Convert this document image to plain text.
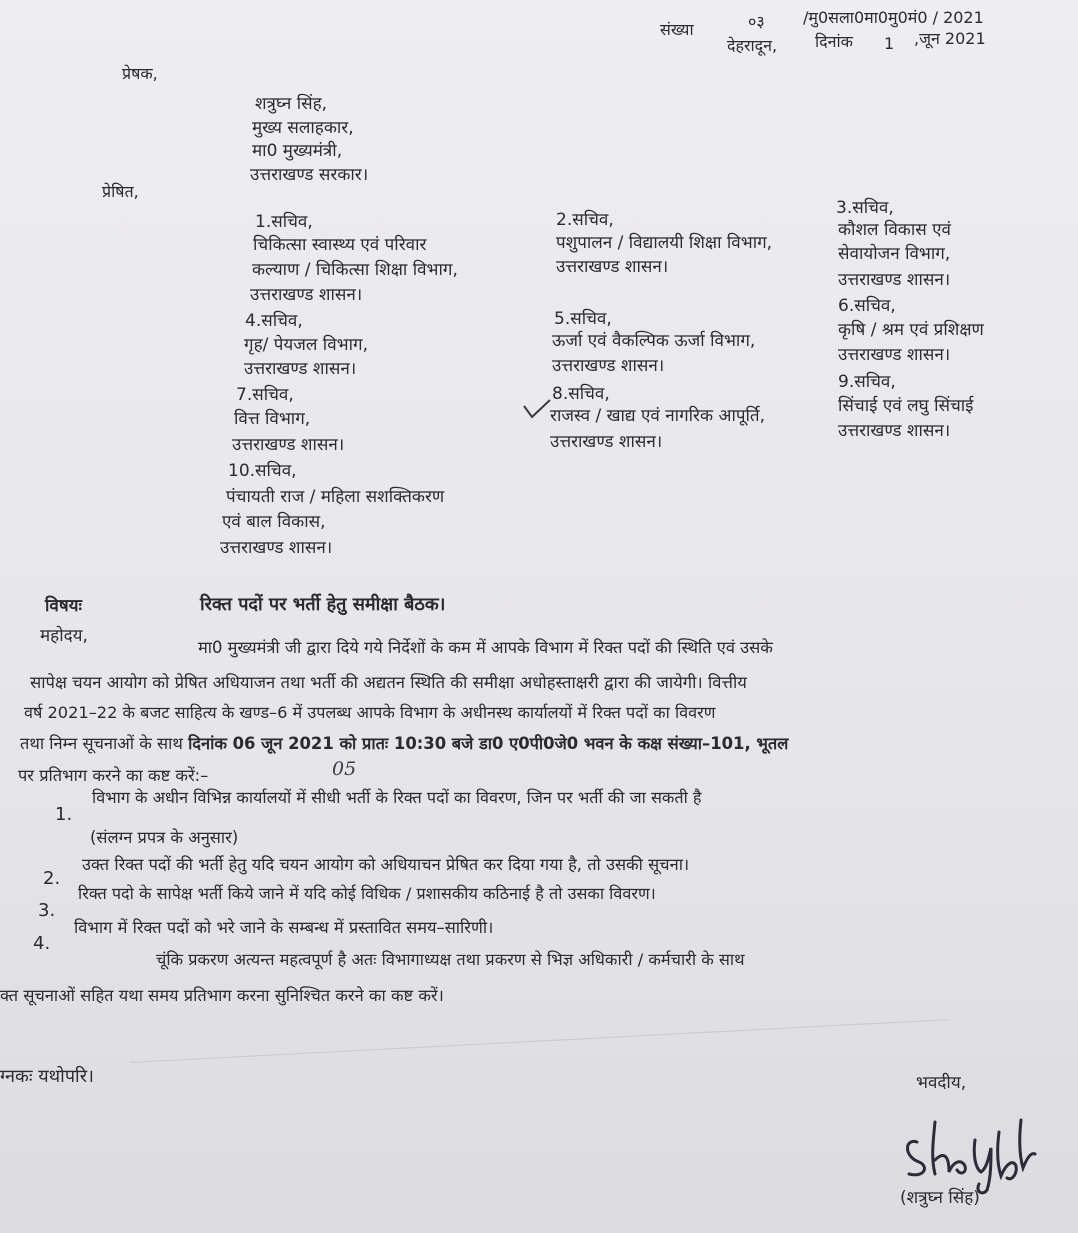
संख्या	०३ /मु0सला0मा0मु0मं0 / 2021
देहरादून, दिनांक 1 ,जून 2021
प्रेषक,
शत्रुघ्न सिंह,
मुख्य सलाहकार,
मा0 मुख्यमंत्री,
उत्तराखण्ड सरकार।
प्रेषित,
1.सचिव,
चिकित्सा स्वास्थ्य एवं परिवार
कल्याण / चिकित्सा शिक्षा विभाग,
उत्तराखण्ड शासन।
2.सचिव,
पशुपालन / विद्यालयी शिक्षा विभाग,
उत्तराखण्ड शासन।
3.सचिव,
कौशल विकास एवं
सेवायोजन विभाग,
उत्तराखण्ड शासन।
4.सचिव,
गृह/ पेयजल विभाग,
उत्तराखण्ड शासन।
5.सचिव,
ऊर्जा एवं वैकल्पिक ऊर्जा विभाग,
उत्तराखण्ड शासन।
6.सचिव,
कृषि / श्रम एवं प्रशिक्षण
उत्तराखण्ड शासन।
7.सचिव,
वित्त विभाग,
उत्तराखण्ड शासन।
8.सचिव,
राजस्व / खाद्य एवं नागरिक आपूर्ति,
उत्तराखण्ड शासन।
9.सचिव,
सिंचाई एवं लघु सिंचाई
उत्तराखण्ड शासन।
10.सचिव,
पंचायती राज / महिला सशक्तिकरण
एवं बाल विकास,
उत्तराखण्ड शासन।
विषयः	रिक्त पदों पर भर्ती हेतु समीक्षा बैठक।
महोदय,
मा0 मुख्यमंत्री जी द्वारा दिये गये निर्देशों के कम में आपके विभाग में रिक्त पदों की स्थिति एवं उसके
सापेक्ष चयन आयोग को प्रेषित अधियाजन तथा भर्ती की अद्यतन स्थिति की समीक्षा अधोहस्ताक्षरी द्वारा की जायेगी। वित्तीय
वर्ष 2021–22 के बजट साहित्य के खण्ड–6 में उपलब्ध आपके विभाग के अधीनस्थ कार्यालयों में रिक्त पदों का विवरण
तथा निम्न सूचनाओं के साथ दिनांक 06 जून 2021 को प्रातः 10:30 बजे डा0 ए0पी0जे0 भवन के कक्ष संख्या–101, भूतल
पर प्रतिभाग करने का कष्ट करें:–	05
1.
विभाग के अधीन विभिन्न कार्यालयों में सीधी भर्ती के रिक्त पदों का विवरण, जिन पर भर्ती की जा सकती है
(संलग्न प्रपत्र के अनुसार)
2.
उक्त रिक्त पदों की भर्ती हेतु यदि चयन आयोग को अधियाचन प्रेषित कर दिया गया है, तो उसकी सूचना।
3.
रिक्त पदो के सापेक्ष भर्ती किये जाने में यदि कोई विधिक / प्रशासकीय कठिनाई है तो उसका विवरण।
4.
विभाग में रिक्त पदों को भरे जाने के सम्बन्ध में प्रस्तावित समय–सारिणी।
चूंकि प्रकरण अत्यन्त महत्वपूर्ण है अतः विभागाध्यक्ष तथा प्रकरण से भिज्ञ अधिकारी / कर्मचारी के साथ
क्त सूचनाओं सहित यथा समय प्रतिभाग करना सुनिश्चित करने का कष्ट करें।
ग्नकः यथोपरि।	भवदीय,
(शत्रुघ्न सिंह)
